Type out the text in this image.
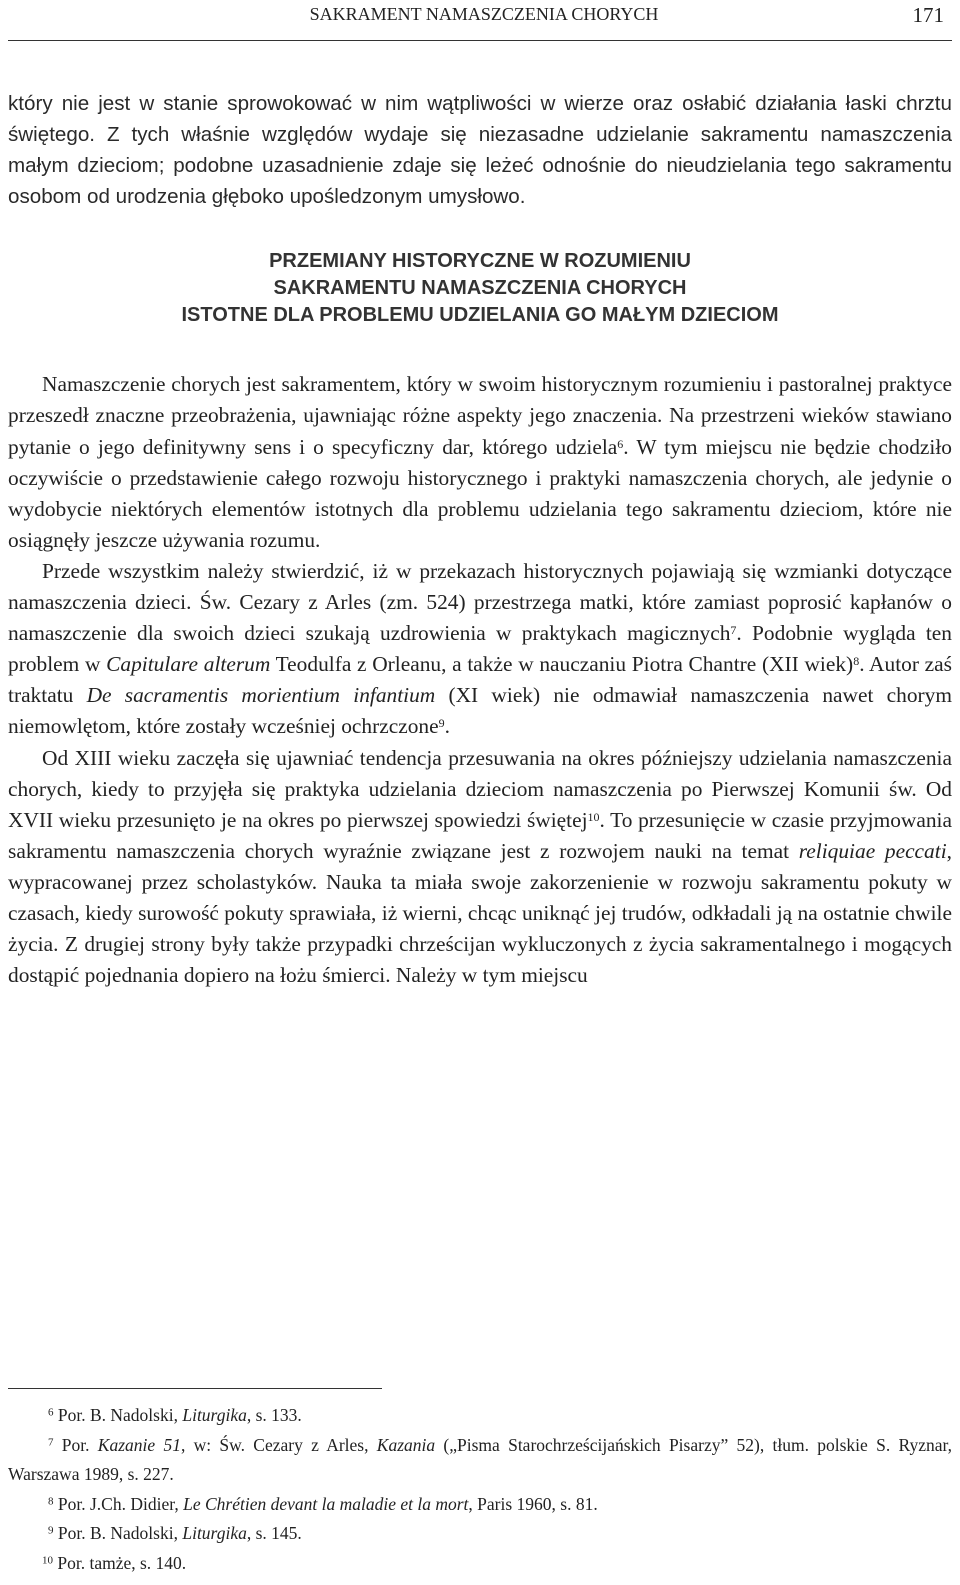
SAKRAMENT NAMASZCZENIA CHORYCH	171

który nie jest w stanie sprowokować w nim wątpliwości w wierze oraz osłabić działania łaski chrztu świętego. Z tych właśnie względów wydaje się niezasadne udzielanie sakramentu namaszczenia małym dzieciom; podobne uzasadnienie zdaje się leżeć odnośnie do nieudzielania tego sakramentu osobom od urodzenia głęboko upośledzonym umysłowo.

PRZEMIANY HISTORYCZNE W ROZUMIENIU
SAKRAMENTU NAMASZCZENIA CHORYCH
ISTOTNE DLA PROBLEMU UDZIELANIA GO MAŁYM DZIECIOM

Namaszczenie chorych jest sakramentem, który w swoim historycznym rozumieniu i pastoralnej praktyce przeszedł znaczne przeobrażenia, ujawniając różne aspekty jego znaczenia. Na przestrzeni wieków stawiano pytanie o jego definitywny sens i o specyficzny dar, którego udziela$^6$. W tym miejscu nie będzie chodziło oczywiście o przedstawienie całego rozwoju historycznego i praktyki namaszczenia chorych, ale jedynie o wydobycie niektórych elementów istotnych dla problemu udzielania tego sakramentu dzieciom, które nie osiągnęły jeszcze używania rozumu.

Przede wszystkim należy stwierdzić, iż w przekazach historycznych pojawiają się wzmianki dotyczące namaszczenia dzieci. Św. Cezary z Arles (zm. 524) przestrzega matki, które zamiast poprosić kapłanów o namaszczenie dla swoich dzieci szukają uzdrowienia w praktykach magicznych$^7$. Podobnie wygląda ten problem w Capitulare alterum Teodulfa z Orleanu, a także w nauczaniu Piotra Chantre (XII wiek)$^8$. Autor zaś traktatu De sacramentis morientium infantium (XI wiek) nie odmawiał namaszczenia nawet chorym niemowlętom, które zostały wcześniej ochrzczone$^9$.

Od XIII wieku zaczęła się ujawniać tendencja przesuwania na okres późniejszy udzielania namaszczenia chorych, kiedy to przyjęła się praktyka udzielania dzieciom namaszczenia po Pierwszej Komunii św. Od XVII wieku przesunięto je na okres po pierwszej spowiedzi świętej$^{10}$. To przesunięcie w czasie przyjmowania sakramentu namaszczenia chorych wyraźnie związane jest z rozwojem nauki na temat reliquiae peccati, wypracowanej przez scholastyków. Nauka ta miała swoje zakorzenienie w rozwoju sakramentu pokuty w czasach, kiedy surowość pokuty sprawiała, iż wierni, chcąc uniknąć jej trudów, odkładali ją na ostatnie chwile życia. Z drugiej strony były także przypadki chrześcijan wykluczonych z życia sakramentalnego i mogących dostąpić pojednania dopiero na łożu śmierci. Należy w tym miejscu

$^6$ Por. B. Nadolski, Liturgika, s. 133.
$^7$ Por. Kazanie 51, w: Św. Cezary z Arles, Kazania („Pisma Starochrześcijańskich Pisarzy” 52), tłum. polskie S. Ryznar, Warszawa 1989, s. 227.
$^8$ Por. J.Ch. Didier, Le Chrétien devant la maladie et la mort, Paris 1960, s. 81.
$^9$ Por. B. Nadolski, Liturgika, s. 145.
$^{10}$ Por. tamże, s. 140.
